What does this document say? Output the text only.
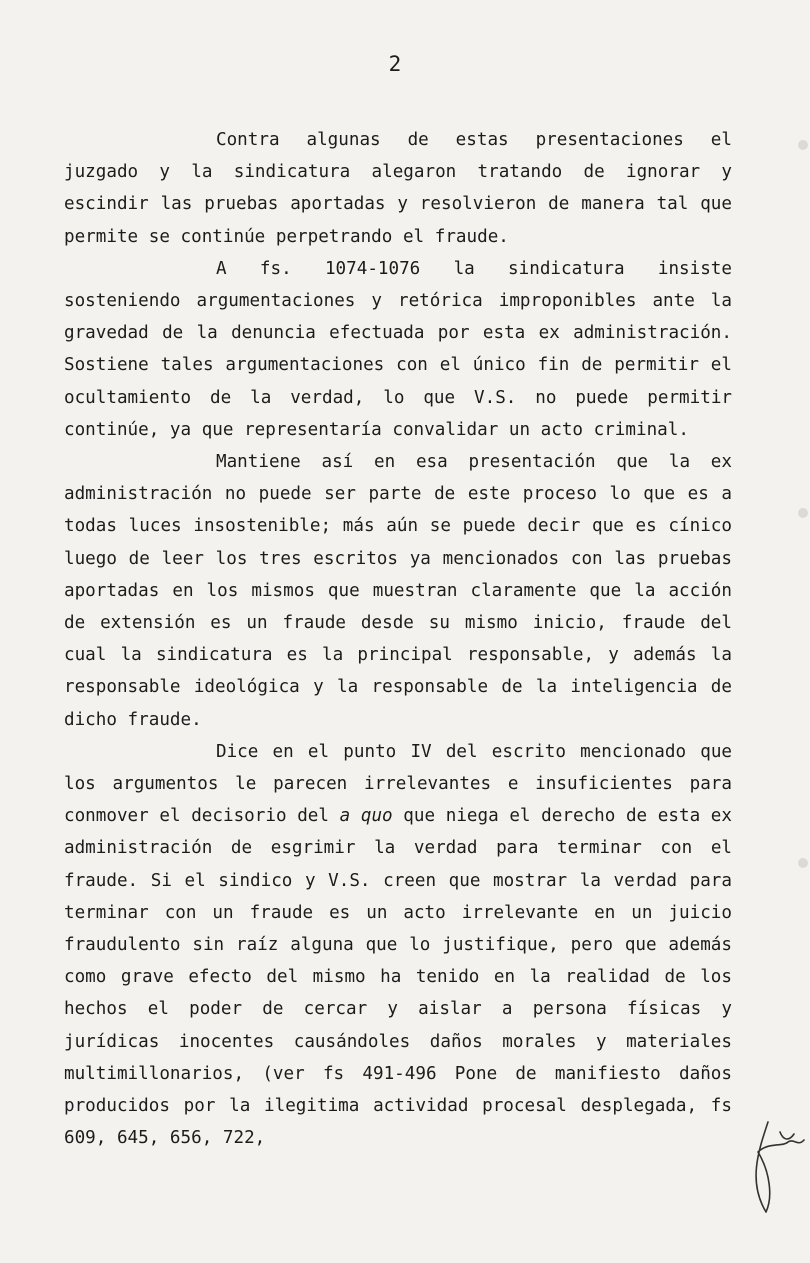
2

Contra algunas de estas presentaciones el juzgado y la sindicatura alegaron tratando de ignorar y escindir las pruebas aportadas y resolvieron de manera tal que permite se continúe perpetrando el fraude.

A fs. 1074-1076 la sindicatura insiste sosteniendo argumentaciones y retórica improponibles ante la gravedad de la denuncia efectuada por esta ex administración. Sostiene tales argumentaciones con el único fin de permitir el ocultamiento de la verdad, lo que V.S. no puede permitir continúe, ya que representaría convalidar un acto criminal.

Mantiene así en esa presentación que la ex administración no puede ser parte de este proceso lo que es a todas luces insostenible; más aún se puede decir que es cínico luego de leer los tres escritos ya mencionados con las pruebas aportadas en los mismos que muestran claramente que la acción de extensión es un fraude desde su mismo inicio, fraude del cual la sindicatura es la principal responsable, y además la responsable ideológica y la responsable de la inteligencia de dicho fraude.

Dice en el punto IV del escrito mencionado que los argumentos le parecen irrelevantes e insuficientes para conmover el decisorio del a quo que niega el derecho de esta ex administración de esgrimir la verdad para terminar con el fraude. Si el sindico y V.S. creen que mostrar la verdad para terminar con un fraude es un acto irrelevante en un juicio fraudulento sin raíz alguna que lo justifique, pero que además como grave efecto del mismo ha tenido en la realidad de los hechos el poder de cercar y aislar a persona físicas y jurídicas inocentes causándoles daños morales y materiales multimillonarios, (ver fs 491-496 Pone de manifiesto daños producidos por la ilegitima actividad procesal desplegada, fs 609, 645, 656, 722,
